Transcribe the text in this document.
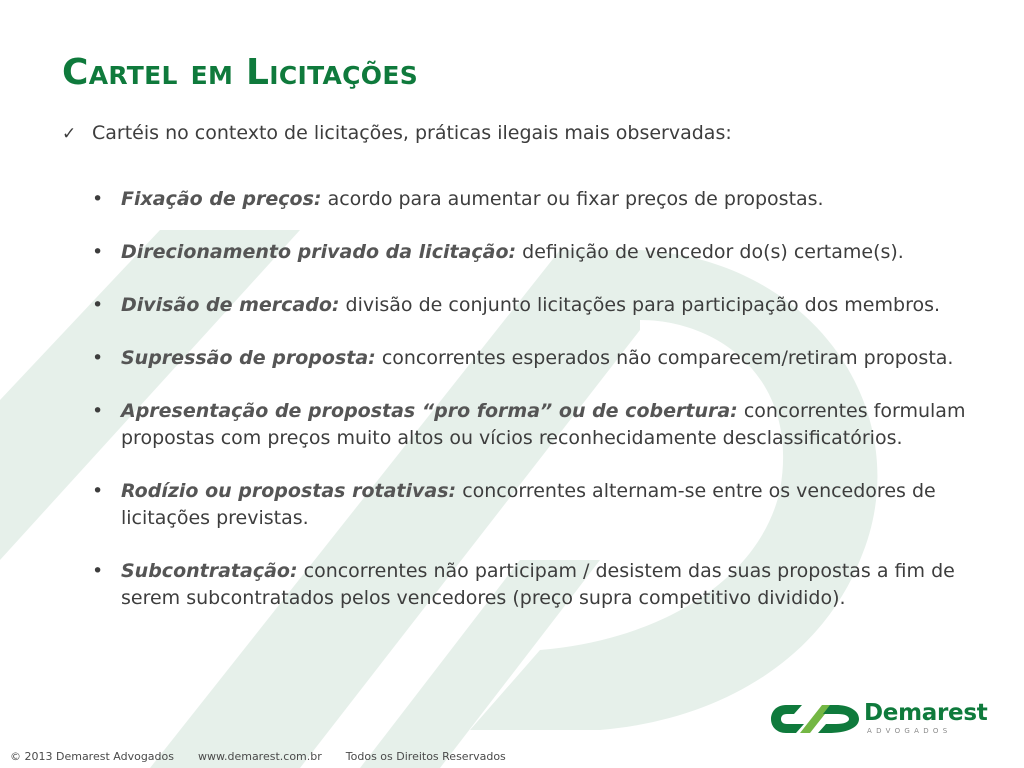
Cartel em Licitações
✓ Cartéis no contexto de licitações, práticas ilegais mais observadas:
• Fixação de preços: acordo para aumentar ou fixar preços de propostas.
• Direcionamento privado da licitação: definição de vencedor do(s) certame(s).
• Divisão de mercado: divisão de conjunto licitações para participação dos membros.
• Supressão de proposta: concorrentes esperados não comparecem/retiram proposta.
• Apresentação de propostas “pro forma” ou de cobertura: concorrentes formulam propostas com preços muito altos ou vícios reconhecidamente desclassificatórios.
• Rodízio ou propostas rotativas: concorrentes alternam-se entre os vencedores de licitações previstas.
• Subcontratação: concorrentes não participam / desistem das suas propostas a fim de serem subcontratados pelos vencedores (preço supra competitivo dividido).
Demarest
ADVOGADOS
© 2013 Demarest Advogados www.demarest.com.br Todos os Direitos Reservados
